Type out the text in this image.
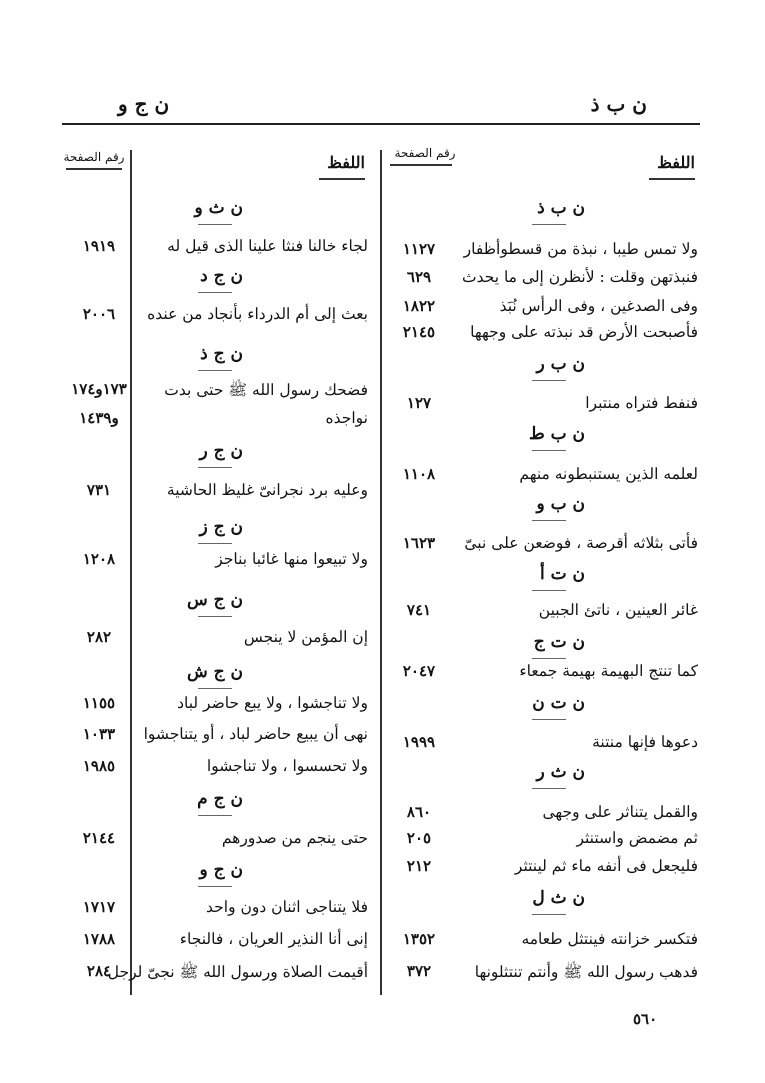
ن ج و	ن ب ذ
اللفظ
رقم الصفحة
اللفظ
رقم الصفحة
ن ب ذ
ولا تمس طيبا ، نبذة من قسطوأظفار
١١٢٧
فنبذتهن وقلت : لأنظرن إلى ما يحدث
٦٢٩
وفى الصدغين ، وفى الرأس نُبَذ
١٨٢٢
فأصبحت الأرض قد نبذته على وجهها
٢١٤٥
ن ب ر
فنفط فتراه منتبرا
١٢٧
ن ب ط
لعلمه الذين يستنبطونه منهم
١١٠٨
ن ب و
فأتى بثلاثه أقرصة ، فوضعن على نبىّ
١٦٢٣
ن ت أ
غائر العينين ، ناتئ الجبين
٧٤١
ن ت ج
كما تنتج البهيمة بهيمة جمعاء
٢٠٤٧
ن ت ن
دعوها فإنها منتنة
١٩٩٩
ن ث ر
والقمل يتناثر على وجهى
٨٦٠
ثم مضمض واستنثر
٢٠٥
فليجعل فى أنفه ماء ثم لينتثر
٢١٢
ن ث ل
فتكسر خزانته فينتثل طعامه
١٣٥٢
فدهب رسول الله ﷺ وأنتم تنتثلونها
٣٧٢
ن ث و
لجاء خالنا فنثا علينا الذى قيل له
١٩١٩
ن ج د
بعث إلى أم الدرداء بأنجاد من عنده
٢٠٠٦
ن ج ذ
فضحك رسول الله ﷺ حتى بدت
١٧٣و١٧٤
نواجذه
و١٤٣٩
ن ج ر
وعليه برد نجرانىّ غليظ الحاشية
٧٣١
ن ج ز
ولا تبيعوا منها غائبا بناجز
١٢٠٨
ن ج س
إن المؤمن لا ينجس
٢٨٢
ن ج ش
ولا تناجشوا ، ولا يبع حاضر لباد
١١٥٥
نهى أن يبيع حاضر لباد ، أو يتناجشوا
١٠٣٣
ولا تحسسوا ، ولا تناجشوا
١٩٨٥
ن ج م
حتى ينجم من صدورهم
٢١٤٤
ن ج و
فلا يتناجى اثنان دون واحد
١٧١٧
إنى أنا النذير العريان ، فالنجاء
١٧٨٨
أقيمت الصلاة ورسول الله ﷺ نجىّ لرجل
٢٨٤
٥٦٠
